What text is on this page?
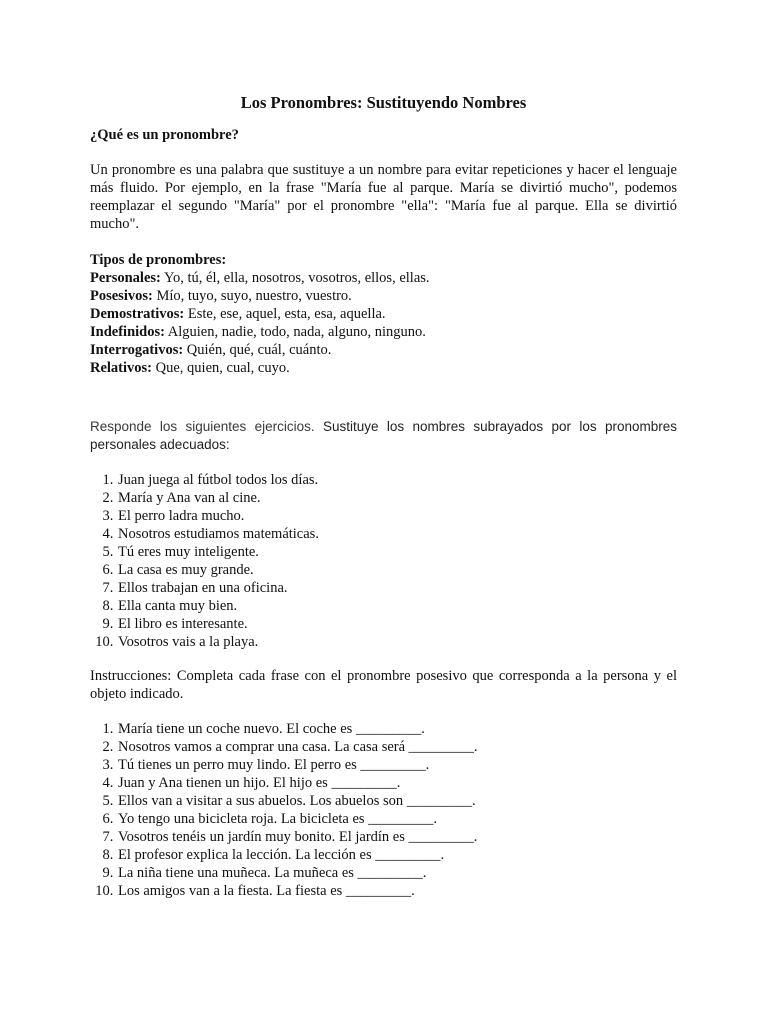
Los Pronombres: Sustituyendo Nombres
¿Qué es un pronombre?
Un pronombre es una palabra que sustituye a un nombre para evitar repeticiones y hacer el lenguaje más fluido. Por ejemplo, en la frase "María fue al parque. María se divirtió mucho", podemos reemplazar el segundo "María" por el pronombre "ella": "María fue al parque. Ella se divirtió mucho".
Tipos de pronombres:
Personales: Yo, tú, él, ella, nosotros, vosotros, ellos, ellas.
Posesivos: Mío, tuyo, suyo, nuestro, vuestro.
Demostrativos: Este, ese, aquel, esta, esa, aquella.
Indefinidos: Alguien, nadie, todo, nada, alguno, ninguno.
Interrogativos: Quién, qué, cuál, cuánto.
Relativos: Que, quien, cual, cuyo.
Responde los siguientes ejercicios. Sustituye los nombres subrayados por los pronombres personales adecuados:
1. Juan juega al fútbol todos los días.
2. María y Ana van al cine.
3. El perro ladra mucho.
4. Nosotros estudiamos matemáticas.
5. Tú eres muy inteligente.
6. La casa es muy grande.
7. Ellos trabajan en una oficina.
8. Ella canta muy bien.
9. El libro es interesante.
10. Vosotros vais a la playa.
Instrucciones: Completa cada frase con el pronombre posesivo que corresponda a la persona y el objeto indicado.
1. María tiene un coche nuevo. El coche es _________.
2. Nosotros vamos a comprar una casa. La casa será _________.
3. Tú tienes un perro muy lindo. El perro es _________.
4. Juan y Ana tienen un hijo. El hijo es _________.
5. Ellos van a visitar a sus abuelos. Los abuelos son _________.
6. Yo tengo una bicicleta roja. La bicicleta es _________.
7. Vosotros tenéis un jardín muy bonito. El jardín es _________.
8. El profesor explica la lección. La lección es _________.
9. La niña tiene una muñeca. La muñeca es _________.
10. Los amigos van a la fiesta. La fiesta es _________.
